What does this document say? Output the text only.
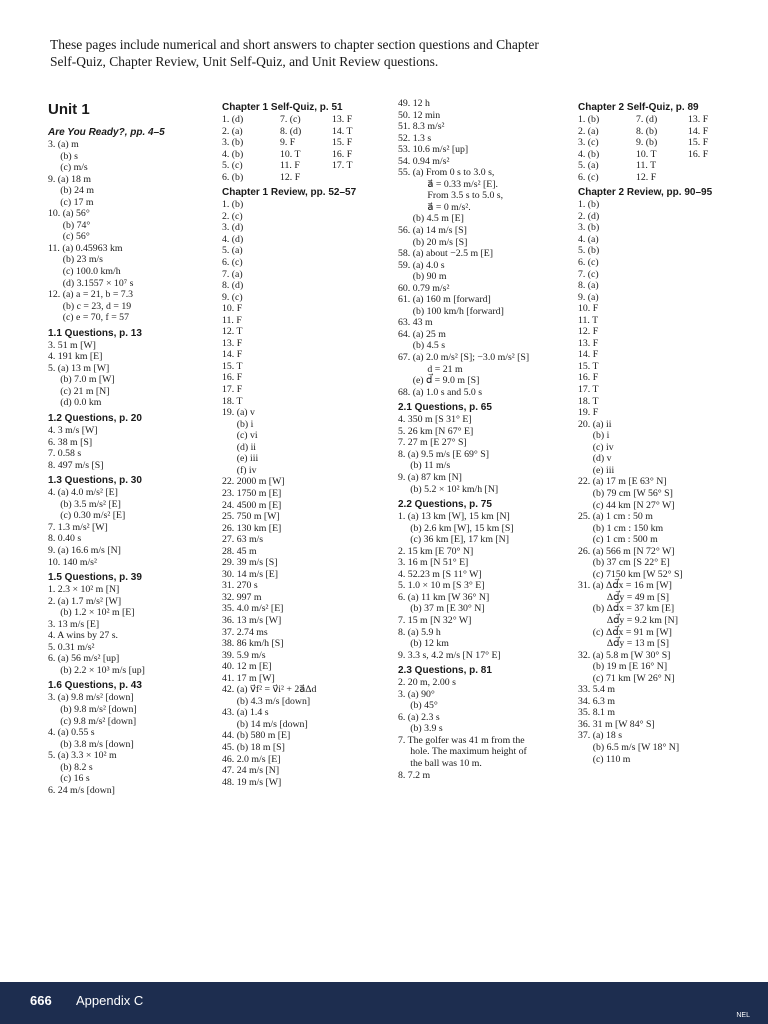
These pages include numerical and short answers to chapter section questions and Chapter Self-Quiz, Chapter Review, Unit Self-Quiz, and Unit Review questions.
Unit 1
Are You Ready?, pp. 4–5
3. (a) m
(b) s
(c) m/s
9. (a) 18 m
(b) 24 m
(c) 17 m
10. (a) 56°
(b) 74°
(c) 56°
11. (a) 0.45963 km
(b) 23 m/s
(c) 100.0 km/h
(d) 3.1557 × 10⁷ s
12. (a) a = 21, b = 7.3
(b) c = 23, d = 19
(c) e = 70, f = 57
1.1 Questions, p. 13
3. 51 m [W]
4. 191 km [E]
5. (a) 13 m [W]
(b) 7.0 m [W]
(c) 21 m [N]
(d) 0.0 km
1.2 Questions, p. 20
4. 3 m/s [W]
6. 38 m [S]
7. 0.58 s
8. 497 m/s [S]
1.3 Questions, p. 30
4. (a) 4.0 m/s² [E]
(b) 3.5 m/s² [E]
(c) 0.30 m/s² [E]
7. 1.3 m/s² [W]
8. 0.40 s
9. (a) 16.6 m/s [N]
10. 140 m/s²
1.5 Questions, p. 39
1. 2.3 × 10² m [N]
2. (a) 1.7 m/s² [W]
(b) 1.2 × 10² m [E]
3. 13 m/s [E]
4. A wins by 27 s.
5. 0.31 m/s²
6. (a) 56 m/s² [up]
(b) 2.2 × 10³ m/s [up]
1.6 Questions, p. 43
3. (a) 9.8 m/s² [down]
(b) 9.8 m/s² [down]
(c) 9.8 m/s² [down]
4. (a) 0.55 s
(b) 3.8 m/s [down]
5. (a) 3.3 × 10² m
(b) 8.2 s
(c) 16 s
6. 24 m/s [down]
Chapter 1 Self-Quiz, p. 51
1. (d)	7. (c)	13. F
2. (a)	8. (d)	14. T
3. (b)	9. F	15. F
4. (b)	10. T	16. F
5. (c)	11. F	17. T
6. (b)	12. F
Chapter 1 Review, pp. 52–57
1. (b)
2. (c)
3. (d)
4. (d)
5. (a)
6. (c)
7. (a)
8. (d)
9. (c)
10. F
11. F
12. T
13. F
14. F
15. T
16. F
17. F
18. T
19. (a) v
(b) i
(c) vi
(d) ii
(e) iii
(f) iv
22. 2000 m [W]
23. 1750 m [E]
24. 4500 m [E]
25. 750 m [W]
26. 130 km [E]
27. 63 m/s
28. 45 m
29. 39 m/s [S]
30. 14 m/s [E]
31. 270 s
32. 997 m
35. 4.0 m/s² [E]
36. 13 m/s [W]
37. 2.74 ms
38. 86 km/h [S]
39. 5.9 m/s
40. 12 m [E]
41. 17 m [W]
42. (a) v⃗f² = v⃗i² + 2a⃗Δd
(b) 4.3 m/s [down]
43. (a) 1.4 s
(b) 14 m/s [down]
44. (b) 580 m [E]
45. (b) 18 m [S]
46. 2.0 m/s [E]
47. 24 m/s [N]
48. 19 m/s [W]
49. 12 h
50. 12 min
51. 8.3 m/s²
52. 1.3 s
53. 10.6 m/s² [up]
54. 0.94 m/s²
55. (a) From 0 s to 3.0 s,
a⃗ = 0.33 m/s² [E].
From 3.5 s to 5.0 s,
a⃗ = 0 m/s².
(b) 4.5 m [E]
56. (a) 14 m/s [S]
(b) 20 m/s [S]
58. (a) about −2.5 m [E]
59. (a) 4.0 s
(b) 90 m
60. 0.79 m/s²
61. (a) 160 m [forward]
(b) 100 km/h [forward]
63. 43 m
64. (a) 25 m
(b) 4.5 s
67. (a) 2.0 m/s² [S]; −3.0 m/s² [S]
d = 21 m
(e) d⃗ = 9.0 m [S]
68. (a) 1.0 s and 5.0 s
2.1 Questions, p. 65
4. 350 m [S 31° E]
5. 26 km [N 67° E]
7. 27 m [E 27° S]
8. (a) 9.5 m/s [E 69° S]
(b) 11 m/s
9. (a) 87 km [N]
(b) 5.2 × 10² km/h [N]
2.2 Questions, p. 75
1. (a) 13 km [W], 15 km [N]
(b) 2.6 km [W], 15 km [S]
(c) 36 km [E], 17 km [N]
2. 15 km [E 70° N]
3. 16 m [N 51° E]
4. 52.23 m [S 11° W]
5. 1.0 × 10 m [S 3° E]
6. (a) 11 km [W 36° N]
(b) 37 m [E 30° N]
7. 15 m [N 32° W]
8. (a) 5.9 h
(b) 12 km
9. 3.3 s, 4.2 m/s [N 17° E]
2.3 Questions, p. 81
2. 20 m, 2.00 s
3. (a) 90°
(b) 45°
6. (a) 2.3 s
(b) 3.9 s
7. The golfer was 41 m from the
hole. The maximum height of
the ball was 10 m.
8. 7.2 m
Chapter 2 Self-Quiz, p. 89
1. (b)	7. (d)	13. F
2. (a)	8. (b)	14. F
3. (c)	9. (b)	15. F
4. (b)	10. T	16. F
5. (a)	11. T
6. (c)	12. F
Chapter 2 Review, pp. 90–95
1. (b)
2. (d)
3. (b)
4. (a)
5. (b)
6. (c)
7. (c)
8. (a)
9. (a)
10. F
11. T
12. F
13. F
14. F
15. T
16. F
17. T
18. T
19. F
20. (a) ii
(b) i
(c) iv
(d) v
(e) iii
22. (a) 17 m [E 63° N]
(b) 79 cm [W 56° S]
(c) 44 km [N 27° W]
25. (a) 1 cm : 50 m
(b) 1 cm : 150 km
(c) 1 cm : 500 m
26. (a) 566 m [N 72° W]
(b) 37 cm [S 22° E]
(c) 7150 km [W 52° S]
31. (a) Δd⃗x = 16 m [W]
Δd⃗y = 49 m [S]
(b) Δd⃗x = 37 km [E]
Δd⃗y = 9.2 km [N]
(c) Δd⃗x = 91 m [W]
Δd⃗y = 13 m [S]
32. (a) 5.8 m [W 30° S]
(b) 19 m [E 16° N]
(c) 71 km [W 26° N]
33. 5.4 m
34. 6.3 m
35. 8.1 m
36. 31 m [W 84° S]
37. (a) 18 s
(b) 6.5 m/s [W 18° N]
(c) 110 m
666 Appendix C
NEL
